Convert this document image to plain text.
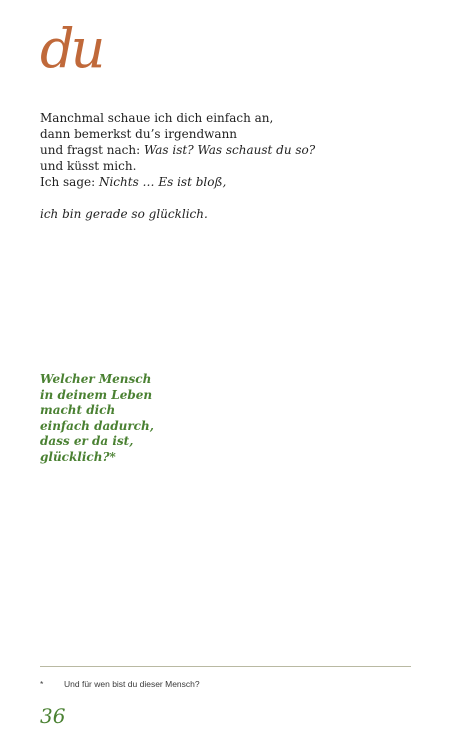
du
Manchmal schaue ich dich einfach an,
dann bemerkst du’s irgendwann
und fragst nach: Was ist? Was schaust du so?
und küsst mich.
Ich sage: Nichts … Es ist bloß,
ich bin gerade so glücklich.
Welcher Mensch
in deinem Leben
macht dich
einfach dadurch,
dass er da ist,
glücklich?*
* Und für wen bist du dieser Mensch?
36
